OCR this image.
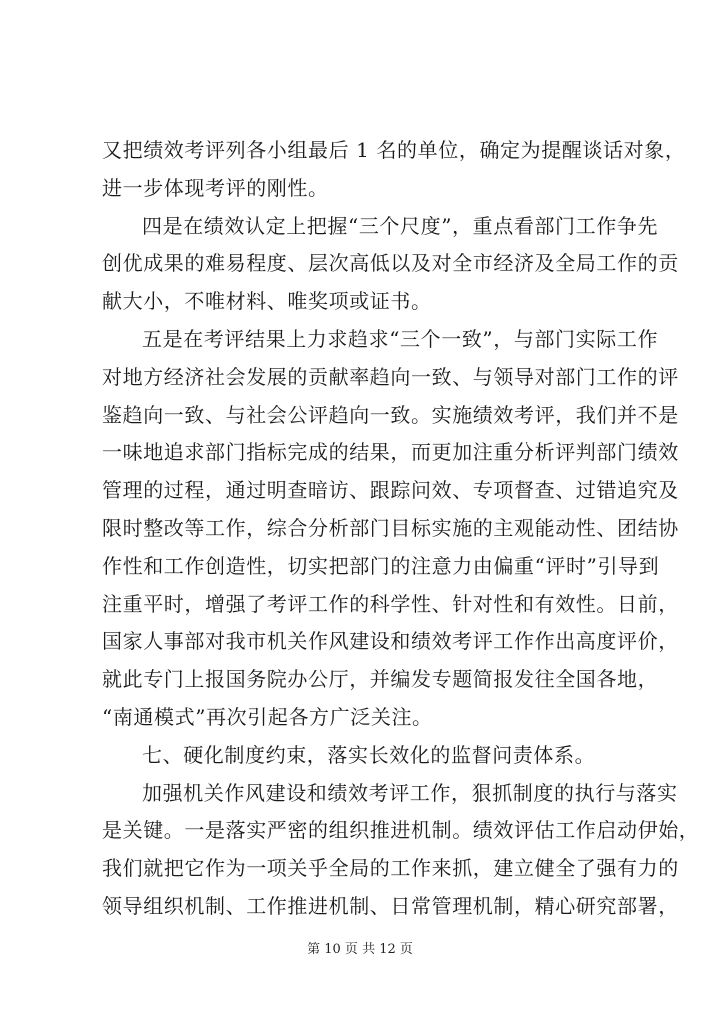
又把绩效考评列各小组最后 1 名的单位，确定为提醒谈话对象，
进一步体现考评的刚性。
四是在绩效认定上把握“三个尺度”，重点看部门工作争先
创优成果的难易程度、层次高低以及对全市经济及全局工作的贡
献大小，不唯材料、唯奖项或证书。
五是在考评结果上力求趋求“三个一致”，与部门实际工作
对地方经济社会发展的贡献率趋向一致、与领导对部门工作的评
鉴趋向一致、与社会公评趋向一致。实施绩效考评，我们并不是
一味地追求部门指标完成的结果，而更加注重分析评判部门绩效
管理的过程，通过明查暗访、跟踪问效、专项督查、过错追究及
限时整改等工作，综合分析部门目标实施的主观能动性、团结协
作性和工作创造性，切实把部门的注意力由偏重“评时”引导到
注重平时，增强了考评工作的科学性、针对性和有效性。日前，
国家人事部对我市机关作风建设和绩效考评工作作出高度评价，
就此专门上报国务院办公厅，并编发专题简报发往全国各地，
“南通模式”再次引起各方广泛关注。
七、硬化制度约束，落实长效化的监督问责体系。
加强机关作风建设和绩效考评工作，狠抓制度的执行与落实
是关键。一是落实严密的组织推进机制。绩效评估工作启动伊始，
我们就把它作为一项关乎全局的工作来抓，建立健全了强有力的
领导组织机制、工作推进机制、日常管理机制，精心研究部署，
第 10 页 共 12 页
